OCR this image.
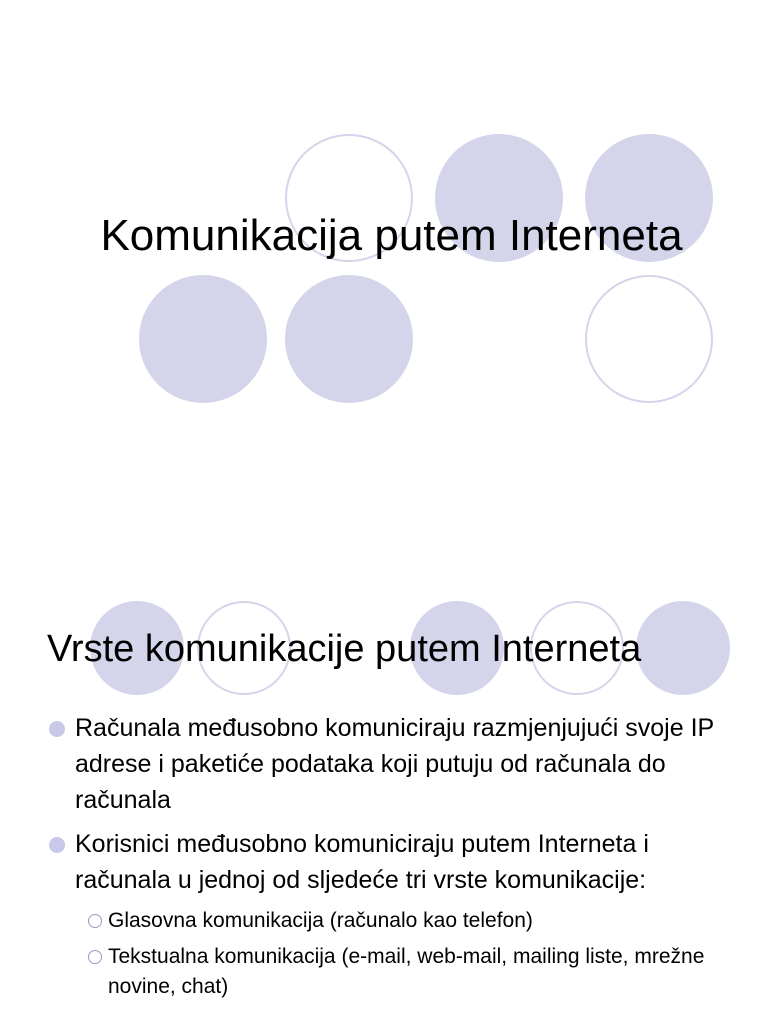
Komunikacija putem Interneta
Vrste komunikacije putem Interneta
Računala međusobno komuniciraju razmjenjujući svoje IP adrese i paketiće podataka koji putuju od računala do računala
Korisnici međusobno komuniciraju putem Interneta i računala u jednoj od sljedeće tri vrste komunikacije:
Glasovna komunikacija (računalo kao telefon)
Tekstualna komunikacija (e-mail, web-mail, mailing liste, mrežne novine, chat)
